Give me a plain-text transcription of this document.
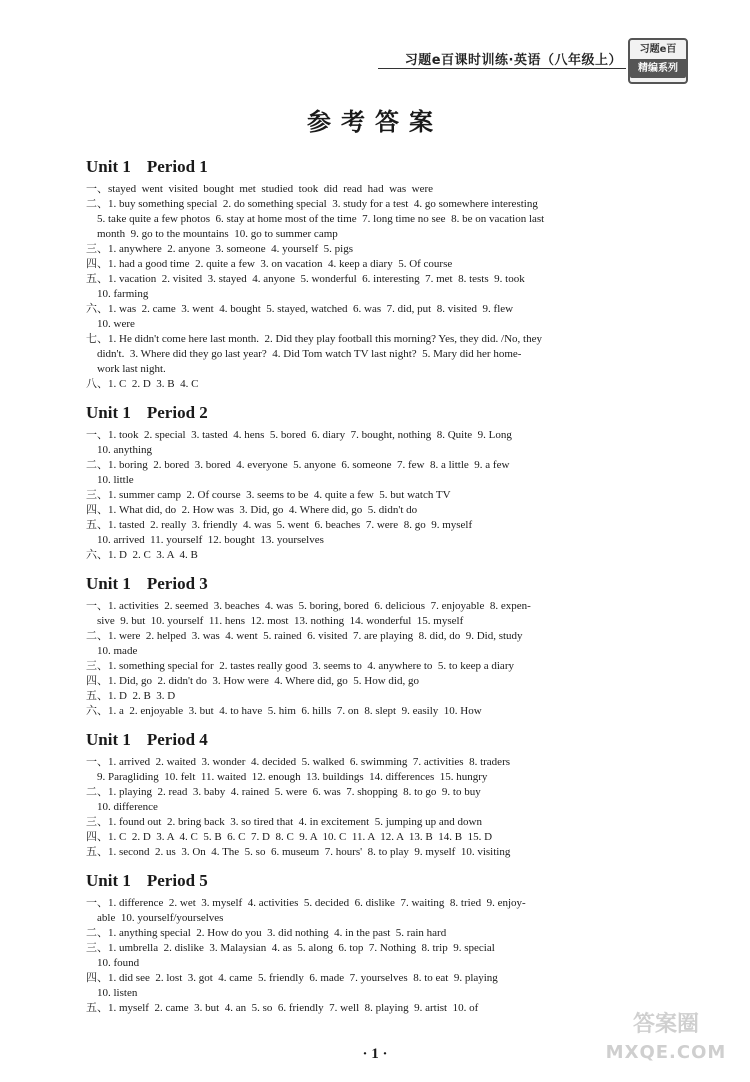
习题e百课时训练·英语（八年级上）
习题e百
精编系列
参考答案
Unit 1 Period 1
一、stayed  went  visited  bought  met  studied  took  did  read  had  was  were
二、1. buy something special  2. do something special  3. study for a test  4. go somewhere interesting
5. take quite a few photos  6. stay at home most of the time  7. long time no see  8. be on vacation last
month  9. go to the mountains  10. go to summer camp
三、1. anywhere  2. anyone  3. someone  4. yourself  5. pigs
四、1. had a good time  2. quite a few  3. on vacation  4. keep a diary  5. Of course
五、1. vacation  2. visited  3. stayed  4. anyone  5. wonderful  6. interesting  7. met  8. tests  9. took
10. farming
六、1. was  2. came  3. went  4. bought  5. stayed, watched  6. was  7. did, put  8. visited  9. flew
10. were
七、1. He didn't come here last month.  2. Did they play football this morning? Yes, they did. /No, they
didn't.  3. Where did they go last year?  4. Did Tom watch TV last night?  5. Mary did her home-
work last night.
八、1. C  2. D  3. B  4. C
Unit 1 Period 2
一、1. took  2. special  3. tasted  4. hens  5. bored  6. diary  7. bought, nothing  8. Quite  9. Long
10. anything
二、1. boring  2. bored  3. bored  4. everyone  5. anyone  6. someone  7. few  8. a little  9. a few
10. little
三、1. summer camp  2. Of course  3. seems to be  4. quite a few  5. but watch TV
四、1. What did, do  2. How was  3. Did, go  4. Where did, go  5. didn't do
五、1. tasted  2. really  3. friendly  4. was  5. went  6. beaches  7. were  8. go  9. myself
10. arrived  11. yourself  12. bought  13. yourselves
六、1. D  2. C  3. A  4. B
Unit 1 Period 3
一、1. activities  2. seemed  3. beaches  4. was  5. boring, bored  6. delicious  7. enjoyable  8. expen-
sive  9. but  10. yourself  11. hens  12. most  13. nothing  14. wonderful  15. myself
二、1. were  2. helped  3. was  4. went  5. rained  6. visited  7. are playing  8. did, do  9. Did, study
10. made
三、1. something special for  2. tastes really good  3. seems to  4. anywhere to  5. to keep a diary
四、1. Did, go  2. didn't do  3. How were  4. Where did, go  5. How did, go
五、1. D  2. B  3. D
六、1. a  2. enjoyable  3. but  4. to have  5. him  6. hills  7. on  8. slept  9. easily  10. How
Unit 1 Period 4
一、1. arrived  2. waited  3. wonder  4. decided  5. walked  6. swimming  7. activities  8. traders
9. Paragliding  10. felt  11. waited  12. enough  13. buildings  14. differences  15. hungry
二、1. playing  2. read  3. baby  4. rained  5. were  6. was  7. shopping  8. to go  9. to buy
10. difference
三、1. found out  2. bring back  3. so tired that  4. in excitement  5. jumping up and down
四、1. C  2. D  3. A  4. C  5. B  6. C  7. D  8. C  9. A  10. C  11. A  12. A  13. B  14. B  15. D
五、1. second  2. us  3. On  4. The  5. so  6. museum  7. hours'  8. to play  9. myself  10. visiting
Unit 1 Period 5
一、1. difference  2. wet  3. myself  4. activities  5. decided  6. dislike  7. waiting  8. tried  9. enjoy-
able  10. yourself/yourselves
二、1. anything special  2. How do you  3. did nothing  4. in the past  5. rain hard
三、1. umbrella  2. dislike  3. Malaysian  4. as  5. along  6. top  7. Nothing  8. trip  9. special
10. found
四、1. did see  2. lost  3. got  4. came  5. friendly  6. made  7. yourselves  8. to eat  9. playing
10. listen
五、1. myself  2. came  3. but  4. an  5. so  6. friendly  7. well  8. playing  9. artist  10. of
· 1 ·
答案圈
MXQE.COM
